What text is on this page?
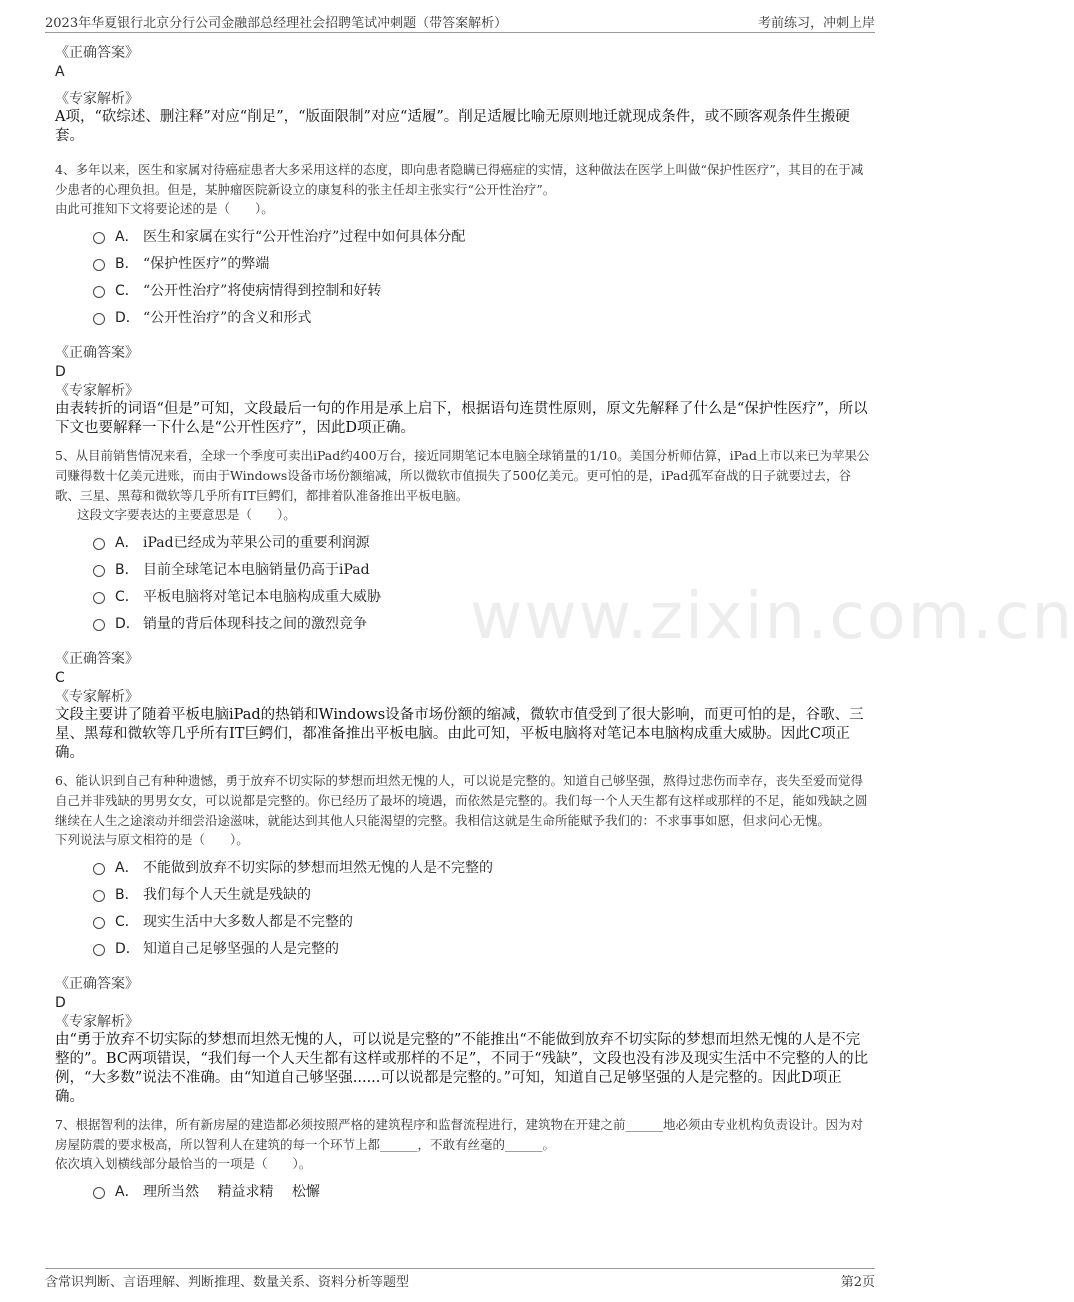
2023年华夏银行北京分行公司金融部总经理社会招聘笔试冲刺题（带答案解析）	考前练习，冲刺上岸
www.zixin.com.cn
《正确答案》
A
《专家解析》
A项，“砍综述、删注释”对应“削足”，“版面限制”对应“适履”。削足适履比喻无原则地迁就现成条件，或不顾客观条件生搬硬套。
4、多年以来，医生和家属对待癌症患者大多采用这样的态度，即向患者隐瞒已得癌症的实情，这种做法在医学上叫做“保护性医疗”，其目的在于减少患者的心理负担。但是，某肿瘤医院新设立的康复科的张主任却主张实行“公开性治疗”。
由此可推知下文将要论述的是（　　）。
A． 医生和家属在实行“公开性治疗”过程中如何具体分配
B． “保护性医疗”的弊端
C． “公开性治疗”将使病情得到控制和好转
D． “公开性治疗”的含义和形式
《正确答案》
D
《专家解析》
由表转折的词语“但是”可知，文段最后一句的作用是承上启下，根据语句连贯性原则，原文先解释了什么是“保护性医疗”，所以下文也要解释一下什么是“公开性医疗”，因此D项正确。
5、从目前销售情况来看，全球一个季度可卖出iPad约400万台，接近同期笔记本电脑全球销量的1/10。美国分析师估算，iPad上市以来已为苹果公司赚得数十亿美元进账，而由于Windows设备市场份额缩减，所以微软市值损失了500亿美元。更可怕的是，iPad孤军奋战的日子就要过去，谷歌、三星、黑莓和微软等几乎所有IT巨鳄们，都排着队准备推出平板电脑。
这段文字要表达的主要意思是（　　）。
A． iPad已经成为苹果公司的重要利润源
B． 目前全球笔记本电脑销量仍高于iPad
C． 平板电脑将对笔记本电脑构成重大威胁
D． 销量的背后体现科技之间的激烈竞争
《正确答案》
C
《专家解析》
文段主要讲了随着平板电脑iPad的热销和Windows设备市场份额的缩减，微软市值受到了很大影响，而更可怕的是，谷歌、三星、黑莓和微软等几乎所有IT巨鳄们，都准备推出平板电脑。由此可知，平板电脑将对笔记本电脑构成重大威胁。因此C项正确。
6、能认识到自己有种种遗憾，勇于放弃不切实际的梦想而坦然无愧的人，可以说是完整的。知道自己够坚强，熬得过悲伤而幸存，丧失至爱而觉得自己并非残缺的男男女女，可以说都是完整的。你已经历了最坏的境遇，而依然是完整的。我们每一个人天生都有这样或那样的不足，能如残缺之圆继续在人生之途滚动并细尝沿途滋味，就能达到其他人只能渴望的完整。我相信这就是生命所能赋予我们的：不求事事如愿，但求问心无愧。
下列说法与原文相符的是（　　）。
A． 不能做到放弃不切实际的梦想而坦然无愧的人是不完整的
B． 我们每个人天生就是残缺的
C． 现实生活中大多数人都是不完整的
D． 知道自己足够坚强的人是完整的
《正确答案》
D
《专家解析》
由“勇于放弃不切实际的梦想而坦然无愧的人，可以说是完整的”不能推出“不能做到放弃不切实际的梦想而坦然无愧的人是不完整的”。BC两项错误，“我们每一个人天生都有这样或那样的不足”，不同于“残缺”，文段也没有涉及现实生活中不完整的人的比例，“大多数”说法不准确。由“知道自己够坚强......可以说都是完整的。”可知，知道自己足够坚强的人是完整的。因此D项正确。
7、根据智利的法律，所有新房屋的建造都必须按照严格的建筑程序和监督流程进行，建筑物在开建之前______地必须由专业机构负责设计。因为对房屋防震的要求极高，所以智利人在建筑的每一个环节上都______，不敢有丝毫的______。
依次填入划横线部分最恰当的一项是（　　）。
A． 理所当然　 精益求精　 松懈
含常识判断、言语理解、判断推理、数量关系、资料分析等题型	第2页
